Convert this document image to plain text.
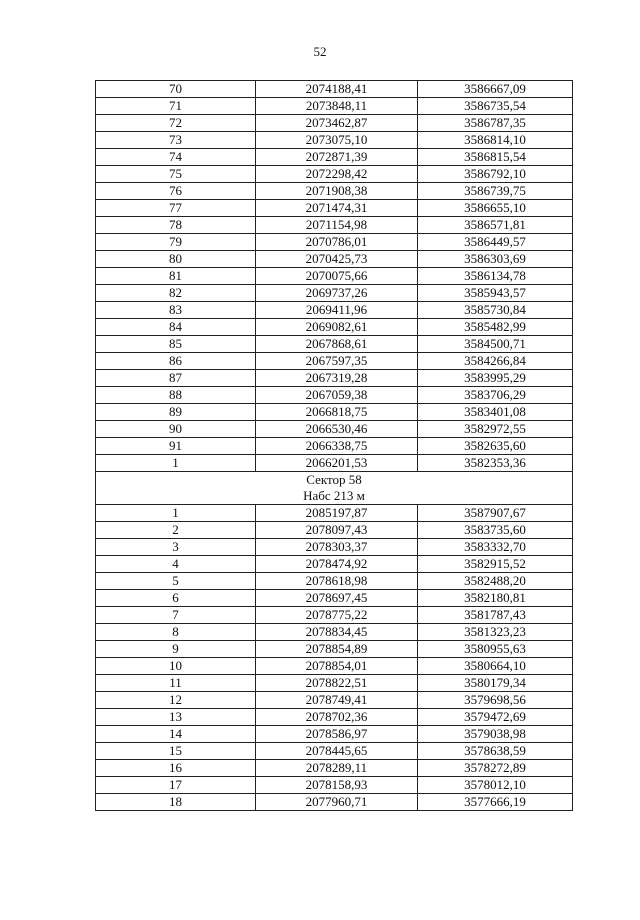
52
70	2074188,41	3586667,09
71	2073848,11	3586735,54
72	2073462,87	3586787,35
73	2073075,10	3586814,10
74	2072871,39	3586815,54
75	2072298,42	3586792,10
76	2071908,38	3586739,75
77	2071474,31	3586655,10
78	2071154,98	3586571,81
79	2070786,01	3586449,57
80	2070425,73	3586303,69
81	2070075,66	3586134,78
82	2069737,26	3585943,57
83	2069411,96	3585730,84
84	2069082,61	3585482,99
85	2067868,61	3584500,71
86	2067597,35	3584266,84
87	2067319,28	3583995,29
88	2067059,38	3583706,29
89	2066818,75	3583401,08
90	2066530,46	3582972,55
91	2066338,75	3582635,60
1	2066201,53	3582353,36

Сектор 58
Набс 213 м		

1	2085197,87	3587907,67
2	2078097,43	3583735,60
3	2078303,37	3583332,70
4	2078474,92	3582915,52
5	2078618,98	3582488,20
6	2078697,45	3582180,81
7	2078775,22	3581787,43
8	2078834,45	3581323,23
9	2078854,89	3580955,63
10	2078854,01	3580664,10
11	2078822,51	3580179,34
12	2078749,41	3579698,56
13	2078702,36	3579472,69
14	2078586,97	3579038,98
15	2078445,65	3578638,59
16	2078289,11	3578272,89
17	2078158,93	3578012,10
18	2077960,71	3577666,19
